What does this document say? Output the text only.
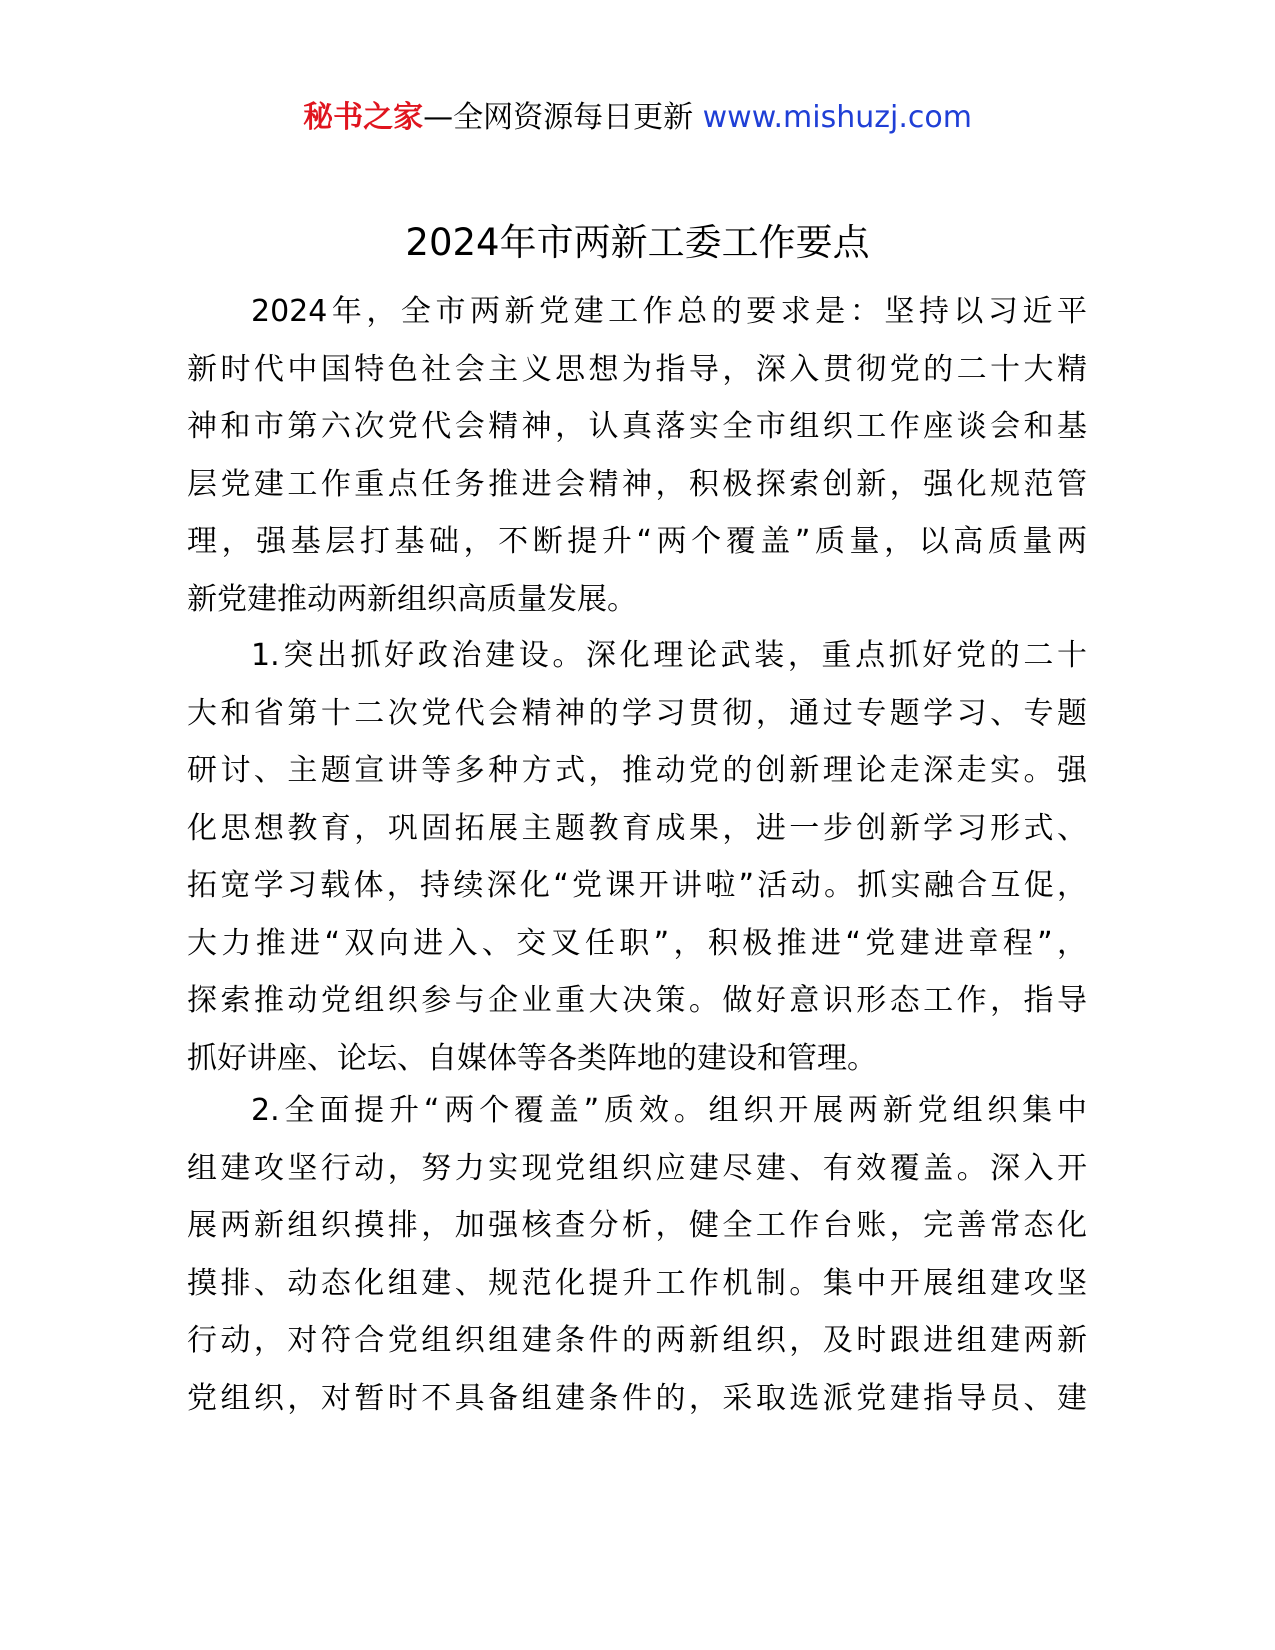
秘书之家—全网资源每日更新 www.mishuzj.com
2024年市两新工委工作要点
2024年，全市两新党建工作总的要求是：坚持以习近平
新时代中国特色社会主义思想为指导，深入贯彻党的二十大精
神和市第六次党代会精神，认真落实全市组织工作座谈会和基
层党建工作重点任务推进会精神，积极探索创新，强化规范管
理，强基层打基础，不断提升“两个覆盖”质量，以高质量两
新党建推动两新组织高质量发展。
1.突出抓好政治建设。深化理论武装，重点抓好党的二十
大和省第十二次党代会精神的学习贯彻，通过专题学习、专题
研讨、主题宣讲等多种方式，推动党的创新理论走深走实。强
化思想教育，巩固拓展主题教育成果，进一步创新学习形式、
拓宽学习载体，持续深化“党课开讲啦”活动。抓实融合互促，
大力推进“双向进入、交叉任职”，积极推进“党建进章程”，
探索推动党组织参与企业重大决策。做好意识形态工作，指导
抓好讲座、论坛、自媒体等各类阵地的建设和管理。
2.全面提升“两个覆盖”质效。组织开展两新党组织集中
组建攻坚行动，努力实现党组织应建尽建、有效覆盖。深入开
展两新组织摸排，加强核查分析，健全工作台账，完善常态化
摸排、动态化组建、规范化提升工作机制。集中开展组建攻坚
行动，对符合党组织组建条件的两新组织，及时跟进组建两新
党组织，对暂时不具备组建条件的，采取选派党建指导员、建
